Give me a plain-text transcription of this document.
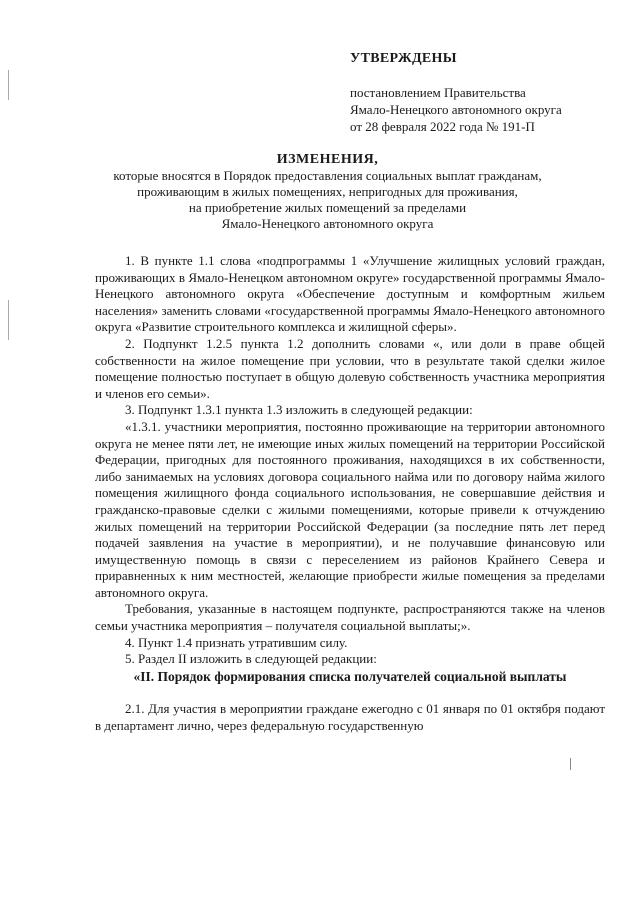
УТВЕРЖДЕНЫ
постановлением Правительства
Ямало-Ненецкого автономного округа
от 28 февраля 2022 года № 191-П
ИЗМЕНЕНИЯ,
которые вносятся в Порядок предоставления социальных выплат гражданам,
проживающим в жилых помещениях, непригодных для проживания,
на приобретение жилых помещений за пределами
Ямало-Ненецкого автономного округа

1. В пункте 1.1 слова «подпрограммы 1 «Улучшение жилищных условий граждан, проживающих в Ямало-Ненецком автономном округе» государственной программы Ямало-Ненецкого автономного округа «Обеспечение доступным и комфортным жильем населения» заменить словами «государственной программы Ямало-Ненецкого автономного округа «Развитие строительного комплекса и жилищной сферы».

2. Подпункт 1.2.5 пункта 1.2 дополнить словами «, или доли в праве общей собственности на жилое помещение при условии, что в результате такой сделки жилое помещение полностью поступает в общую долевую собственность участника мероприятия и членов его семьи».

3. Подпункт 1.3.1 пункта 1.3 изложить в следующей редакции:

«1.3.1. участники мероприятия, постоянно проживающие на территории автономного округа не менее пяти лет, не имеющие иных жилых помещений на территории Российской Федерации, пригодных для постоянного проживания, находящихся в их собственности, либо занимаемых на условиях договора социального найма или по договору найма жилого помещения жилищного фонда социального использования, не совершавшие действия и гражданско-правовые сделки с жилыми помещениями, которые привели к отчуждению жилых помещений на территории Российской Федерации (за последние пять лет перед подачей заявления на участие в мероприятии), и не получавшие финансовую или имущественную помощь в связи с переселением из районов Крайнего Севера и приравненных к ним местностей, желающие приобрести жилые помещения за пределами автономного округа.

Требования, указанные в настоящем подпункте, распространяются также на членов семьи участника мероприятия – получателя социальной выплаты;».

4. Пункт 1.4 признать утратившим силу.

5. Раздел II изложить в следующей редакции:

«II. Порядок формирования списка получателей социальной выплаты

2.1. Для участия в мероприятии граждане ежегодно с 01 января по 01 октября подают в департамент лично, через федеральную государственную
